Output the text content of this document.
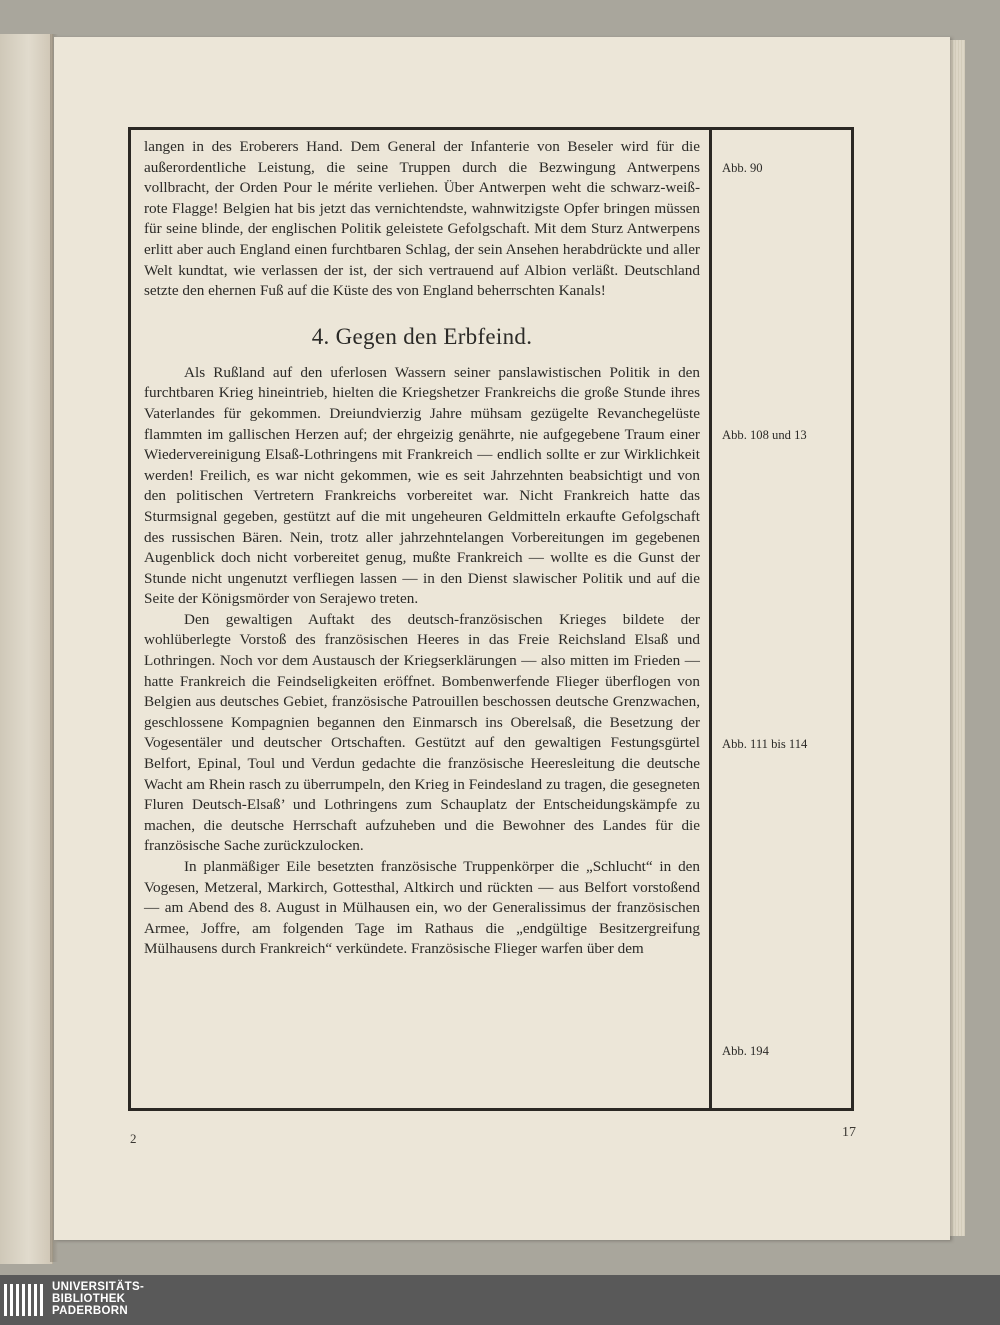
langen in des Eroberers Hand. Dem General der Infanterie von Beseler wird für die außerordentliche Leistung, die seine Truppen durch die Bezwingung Antwerpens vollbracht, der Orden Pour le mérite verliehen. Über Antwerpen weht die schwarz-weiß-rote Flagge! Belgien hat bis jetzt das vernichtendste, wahnwitzigste Opfer bringen müssen für seine blinde, der englischen Politik geleistete Gefolgschaft. Mit dem Sturz Antwerpens erlitt aber auch England einen furchtbaren Schlag, der sein Ansehen herabdrückte und aller Welt kundtat, wie verlassen der ist, der sich vertrauend auf Albion verläßt. Deutschland setzte den ehernen Fuß auf die Küste des von England beherrschten Kanals!

4. Gegen den Erbfeind.

Als Rußland auf den uferlosen Wassern seiner panslawistischen Politik in den furchtbaren Krieg hineintrieb, hielten die Kriegshetzer Frankreichs die große Stunde ihres Vaterlandes für gekommen. Dreiundvierzig Jahre mühsam gezügelte Revanchegelüste flammten im gallischen Herzen auf; der ehrgeizig genährte, nie aufgegebene Traum einer Wiedervereinigung Elsaß-Lothringens mit Frankreich — endlich sollte er zur Wirklichkeit werden! Freilich, es war nicht gekommen, wie es seit Jahrzehnten beabsichtigt und von den politischen Vertretern Frankreichs vorbereitet war. Nicht Frankreich hatte das Sturmsignal gegeben, gestützt auf die mit ungeheuren Geldmitteln erkaufte Gefolgschaft des russischen Bären. Nein, trotz aller jahrzehntelangen Vorbereitungen im gegebenen Augenblick doch nicht vorbereitet genug, mußte Frankreich — wollte es die Gunst der Stunde nicht ungenutzt verfliegen lassen — in den Dienst slawischer Politik und auf die Seite der Königsmörder von Serajewo treten.

Den gewaltigen Auftakt des deutsch-französischen Krieges bildete der wohlüberlegte Vorstoß des französischen Heeres in das Freie Reichsland Elsaß und Lothringen. Noch vor dem Austausch der Kriegserklärungen — also mitten im Frieden — hatte Frankreich die Feindseligkeiten eröffnet. Bombenwerfende Flieger überflogen von Belgien aus deutsches Gebiet, französische Patrouillen beschossen deutsche Grenzwachen, geschlossene Kompagnien begannen den Einmarsch ins Oberelsaß, die Besetzung der Vogesentäler und deutscher Ortschaften. Gestützt auf den gewaltigen Festungsgürtel Belfort, Epinal, Toul und Verdun gedachte die französische Heeresleitung die deutsche Wacht am Rhein rasch zu überrumpeln, den Krieg in Feindesland zu tragen, die gesegneten Fluren Deutsch-Elsaß’ und Lothringens zum Schauplatz der Entscheidungskämpfe zu machen, die deutsche Herrschaft aufzuheben und die Bewohner des Landes für die französische Sache zurückzulocken.

In planmäßiger Eile besetzten französische Truppenkörper die „Schlucht“ in den Vogesen, Metzeral, Markirch, Gottesthal, Altkirch und rückten — aus Belfort vorstoßend — am Abend des 8. August in Mülhausen ein, wo der Generalissimus der französischen Armee, Joffre, am folgenden Tage im Rathaus die „endgültige Besitzergreifung Mülhausens durch Frankreich“ verkündete. Französische Flieger warfen über dem

Abb. 90
Abb. 108 und 13
Abb. 111 bis 114
Abb. 194
2	17
UNIVERSITÄTS-
BIBLIOTHEK
PADERBORN
